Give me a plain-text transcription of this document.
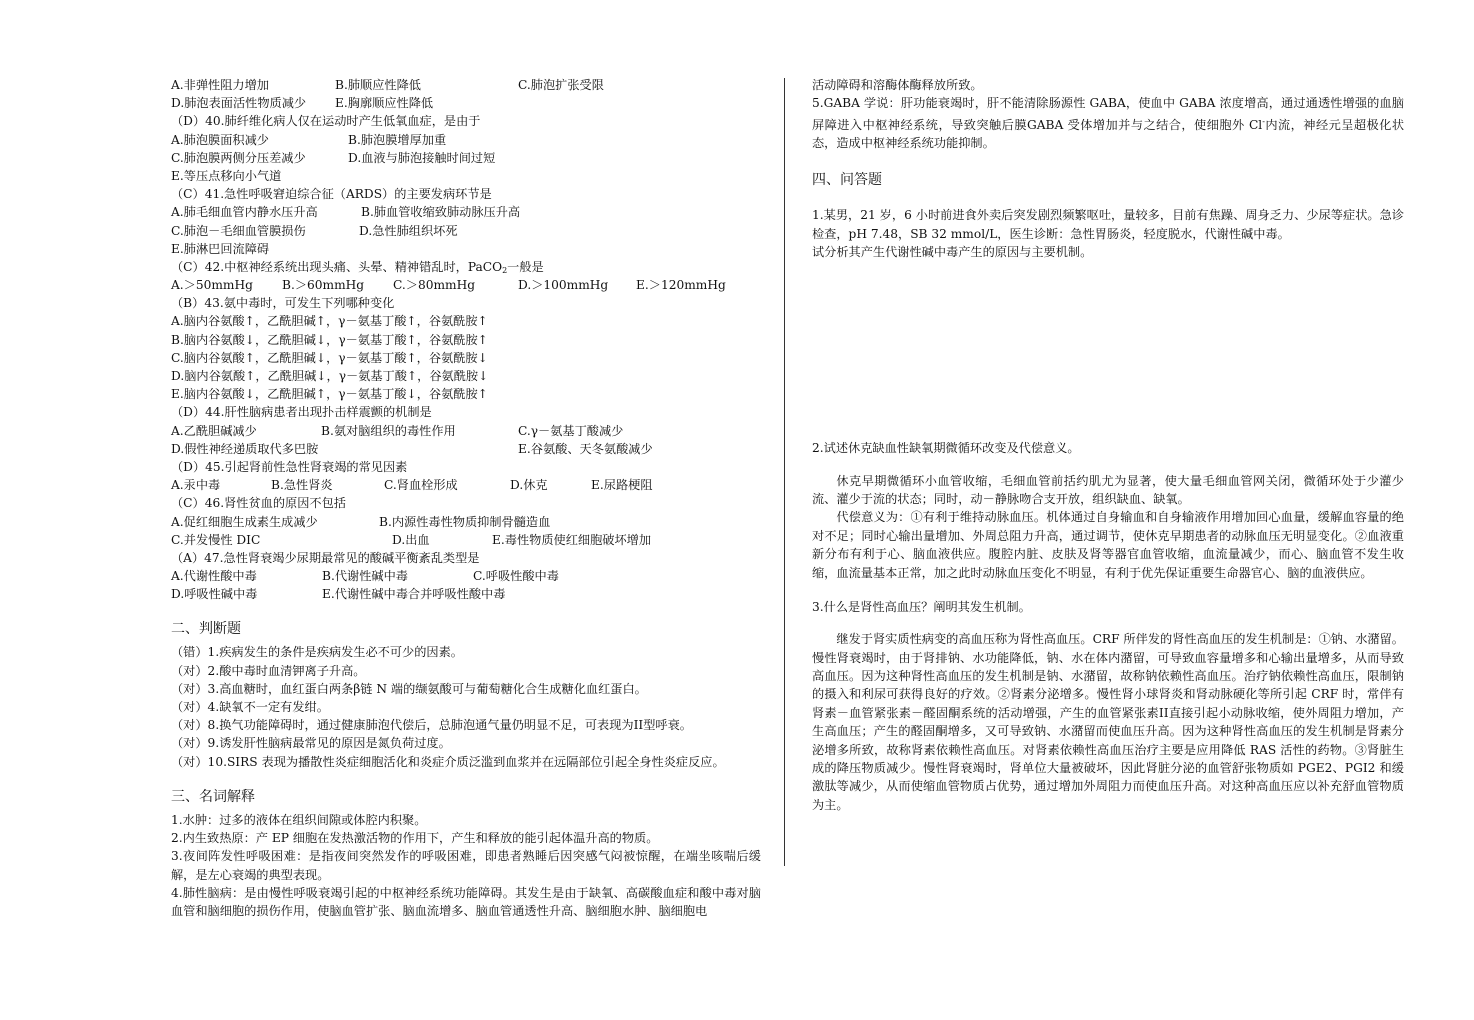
A.非弹性阻力增加	B.肺顺应性降低	C.肺泡扩张受限
D.肺泡表面活性物质减少 E.胸廓顺应性降低
（D）40.肺纤维化病人仅在运动时产生低氧血症，是由于
A.肺泡膜面积减少	B.肺泡膜增厚加重
C.肺泡膜两侧分压差减少	D.血液与肺泡接触时间过短
E.等压点移向小气道
（C）41.急性呼吸窘迫综合征（ARDS）的主要发病环节是
A.肺毛细血管内静水压升高	B.肺血管收缩致肺动脉压升高
C.肺泡－毛细血管膜损伤	D.急性肺组织坏死
E.肺淋巴回流障碍
（C）42.中枢神经系统出现头痛、头晕、精神错乱时，PaCO$_2$一般是
A.＞50mmHg B.＞60mmHg C.＞80mmHg	D.＞100mmHg E.＞120mmHg
（B）43.氨中毒时，可发生下列哪种变化
A.脑内谷氨酸↑，乙酰胆碱↑，γ－氨基丁酸↑，谷氨酰胺↑
B.脑内谷氨酸↓，乙酰胆碱↓，γ－氨基丁酸↑，谷氨酰胺↑
C.脑内谷氨酸↑，乙酰胆碱↓，γ－氨基丁酸↑，谷氨酰胺↓
D.脑内谷氨酸↑，乙酰胆碱↓，γ－氨基丁酸↑，谷氨酰胺↓
E.脑内谷氨酸↓，乙酰胆碱↑，γ－氨基丁酸↓，谷氨酰胺↑
（D）44.肝性脑病患者出现扑击样震颤的机制是
A.乙酰胆碱减少	B.氨对脑组织的毒性作用	C.γ－氨基丁酸减少
D.假性神经递质取代多巴胺	E.谷氨酸、天冬氨酸减少
（D）45.引起肾前性急性肾衰竭的常见因素
A.汞中毒	B.急性肾炎	C.肾血栓形成	D.休克	E.尿路梗阻
（C）46.肾性贫血的原因不包括
A.促红细胞生成素生成减少	B.内源性毒性物质抑制骨髓造血
C.并发慢性 DIC	D.出血	E.毒性物质使红细胞破坏增加
（A）47.急性肾衰竭少尿期最常见的酸碱平衡紊乱类型是
A.代谢性酸中毒	B.代谢性碱中毒	C.呼吸性酸中毒
D.呼吸性碱中毒	E.代谢性碱中毒合并呼吸性酸中毒
二、判断题
（错）1.疾病发生的条件是疾病发生必不可少的因素。
（对）2.酸中毒时血清钾离子升高。
（对）3.高血糖时，血红蛋白两条β链 N 端的缬氨酸可与葡萄糖化合生成糖化血红蛋白。
（对）4.缺氧不一定有发绀。
（对）8.换气功能障碍时，通过健康肺泡代偿后，总肺泡通气量仍明显不足，可表现为II型呼衰。
（对）9.诱发肝性脑病最常见的原因是氮负荷过度。
（对）10.SIRS 表现为播散性炎症细胞活化和炎症介质泛滥到血浆并在远隔部位引起全身性炎症反应。
三、名词解释
1.水肿：过多的液体在组织间隙或体腔内积聚。
2.内生致热原：产 EP 细胞在发热激活物的作用下，产生和释放的能引起体温升高的物质。
3.夜间阵发性呼吸困难：是指夜间突然发作的呼吸困难，即患者熟睡后因突感气闷被惊醒，在端坐咳喘后缓解，是左心衰竭的典型表现。
4.肺性脑病：是由慢性呼吸衰竭引起的中枢神经系统功能障碍。其发生是由于缺氧、高碳酸血症和酸中毒对脑血管和脑细胞的损伤作用，使脑血管扩张、脑血流增多、脑血管通透性升高、脑细胞水肿、脑细胞电
活动障碍和溶酶体酶释放所致。
5.GABA 学说：肝功能衰竭时，肝不能清除肠源性 GABA，使血中 GABA 浓度增高，通过通透性增强的血脑屏障进入中枢神经系统，导致突触后膜GABA 受体增加并与之结合，使细胞外 Cl-内流，神经元呈超极化状态，造成中枢神经系统功能抑制。
四、问答题
1.某男，21 岁，6 小时前进食外卖后突发剧烈频繁呕吐，量较多，目前有焦躁、周身乏力、少尿等症状。急诊检查，pH 7.48，SB 32 mmol/L，医生诊断：急性胃肠炎，轻度脱水，代谢性碱中毒。
试分析其产生代谢性碱中毒产生的原因与主要机制。
2.试述休克缺血性缺氧期微循环改变及代偿意义。
休克早期微循环小血管收缩，毛细血管前括约肌尤为显著，使大量毛细血管网关闭，微循环处于少灌少流、灌少于流的状态；同时，动－静脉吻合支开放，组织缺血、缺氧。
代偿意义为：①有利于维持动脉血压。机体通过自身输血和自身输液作用增加回心血量，缓解血容量的绝对不足；同时心输出量增加、外周总阻力升高，通过调节，使休克早期患者的动脉血压无明显变化。②血液重新分布有利于心、脑血液供应。腹腔内脏、皮肤及肾等器官血管收缩，血流量减少，而心、脑血管不发生收缩，血流量基本正常，加之此时动脉血压变化不明显，有利于优先保证重要生命器官心、脑的血液供应。
3.什么是肾性高血压？阐明其发生机制。
继发于肾实质性病变的高血压称为肾性高血压。CRF 所伴发的肾性高血压的发生机制是：①钠、水潴留。慢性肾衰竭时，由于肾排钠、水功能降低，钠、水在体内潴留，可导致血容量增多和心输出量增多，从而导致高血压。因为这种肾性高血压的发生机制是钠、水潴留，故称钠依赖性高血压。治疗钠依赖性高血压，限制钠的摄入和利尿可获得良好的疗效。②肾素分泌增多。慢性肾小球肾炎和肾动脉硬化等所引起 CRF 时，常伴有肾素－血管紧张素－醛固酮系统的活动增强，产生的血管紧张素II直接引起小动脉收缩，使外周阻力增加，产生高血压；产生的醛固酮增多，又可导致钠、水潴留而使血压升高。因为这种肾性高血压的发生机制是肾素分泌增多所致，故称肾素依赖性高血压。对肾素依赖性高血压治疗主要是应用降低 RAS 活性的药物。③肾脏生成的降压物质减少。慢性肾衰竭时，肾单位大量被破坏，因此肾脏分泌的血管舒张物质如 PGE2、PGI2 和缓激肽等减少，从而使缩血管物质占优势，通过增加外周阻力而使血压升高。对这种高血压应以补充舒血管物质为主。
